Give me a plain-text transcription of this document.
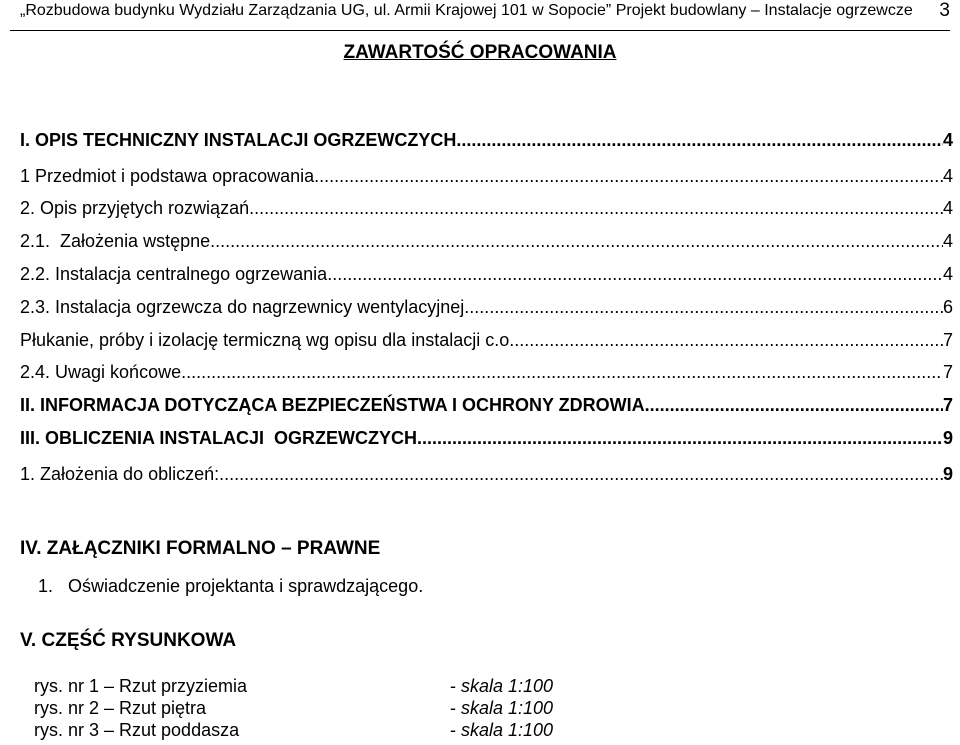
„Rozbudowa budynku Wydziału Zarządzania UG, ul. Armii Krajowej 101 w Sopocie” Projekt budowlany – Instalacje ogrzewcze 3
ZAWARTOŚĆ OPRACOWANIA
I. OPIS TECHNICZNY INSTALACJI OGRZEWCZYCH .....	4
1 Przedmiot i podstawa opracowania .....	4
2. Opis przyjętych rozwiązań .....	4
2.1.  Założenia wstępne .....	4
2.2. Instalacja centralnego ogrzewania .....	4
2.3. Instalacja ogrzewcza do nagrzewnicy wentylacyjnej .....	6
Płukanie, próby i izolację termiczną wg opisu dla instalacji c.o. .....	7
2.4. Uwagi końcowe .....	7
II. INFORMACJA DOTYCZĄCA BEZPIECZEŃSTWA I OCHRONY ZDROWIA .....	7
III. OBLICZENIA INSTALACJI  OGRZEWCZYCH .....	9
1. Założenia do obliczeń: .....	9
IV. ZAŁĄCZNIKI FORMALNO – PRAWNE
1.   Oświadczenie projektanta i sprawdzającego.
V. CZĘŚĆ RYSUNKOWA
rys. nr 1 – Rzut przyziemia	- skala 1:100
rys. nr 2 – Rzut piętra	- skala 1:100
rys. nr 3 – Rzut poddasza	- skala 1:100
